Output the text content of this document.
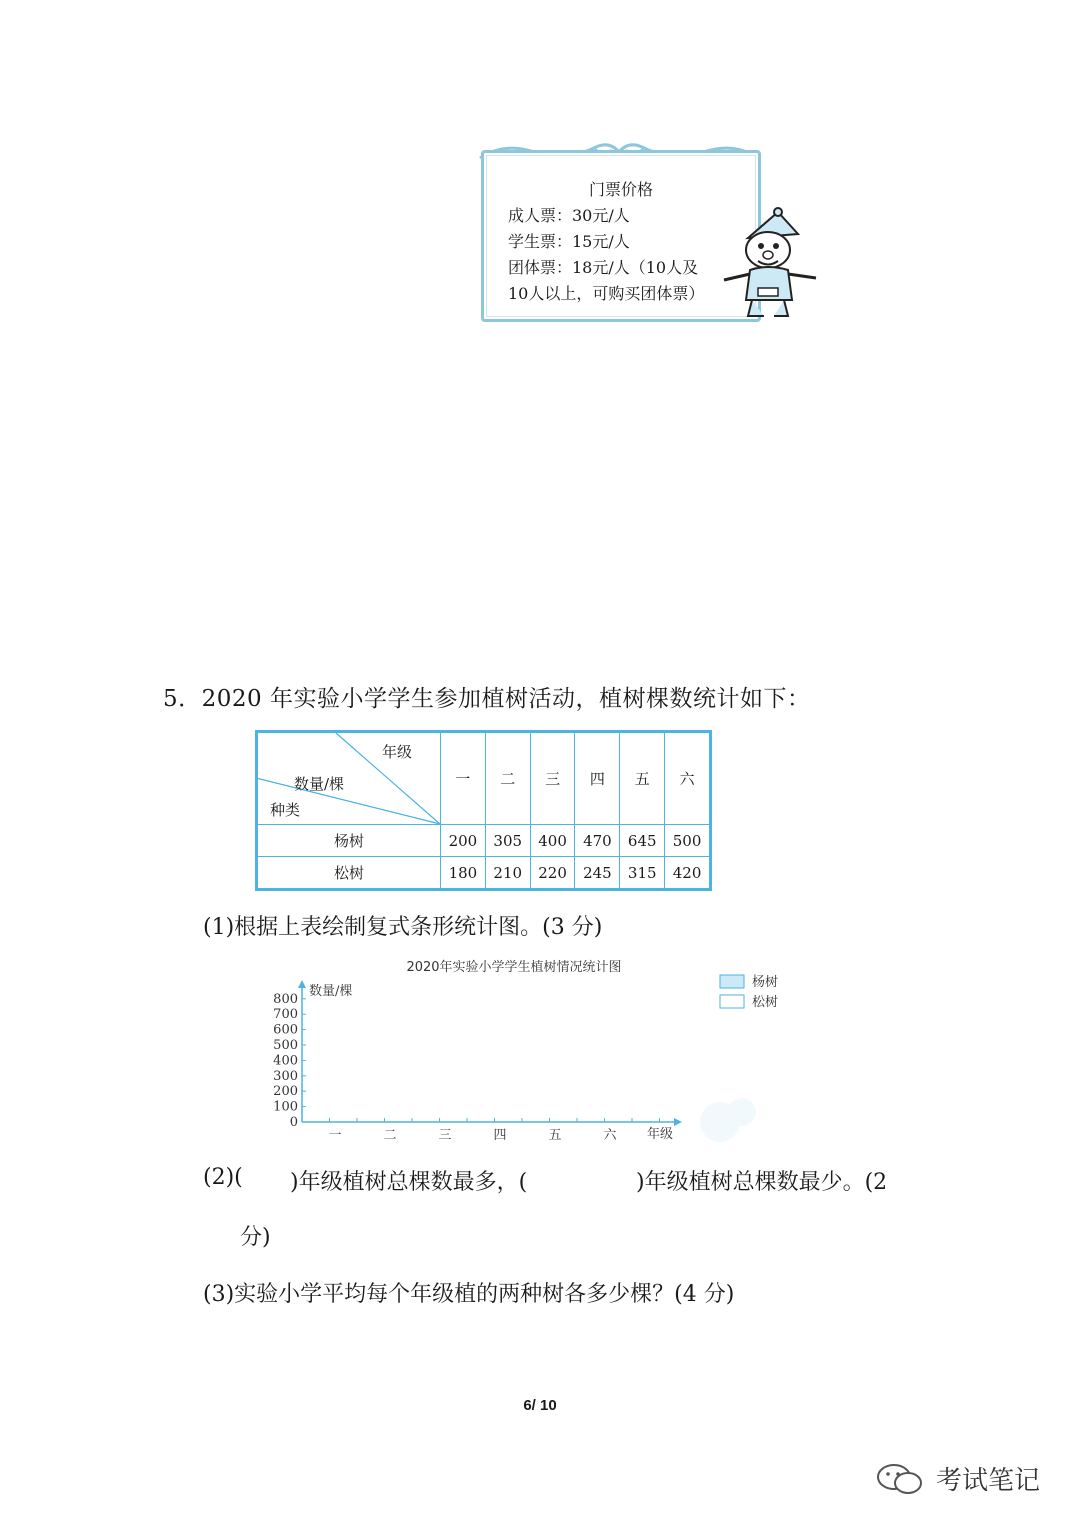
门票价格
成人票：30元/人
学生票：15元/人
团体票：18元/人（10人及
10人以上，可购买团体票）
5．2020 年实验小学学生参加植树活动，植树棵数统计如下：
年级
数量/棵
种类	一	二	三	四	五	六
杨树	200	305	400	470	645	500
松树	180	210	220	245	315	420
(1)根据上表绘制复式条形统计图。(3 分)
2020年实验小学学生植树情况统计图
数量/棵
年级
杨树
松树
0
100
200
300
400
500
600
700
800
一	二	三	四	五	六
(2)( )年级植树总棵数最多，(	)年级植树总棵数最少。(2
分)
(3)实验小学平均每个年级植的两种树各多少棵？(4 分)
6/ 10
考试笔记
